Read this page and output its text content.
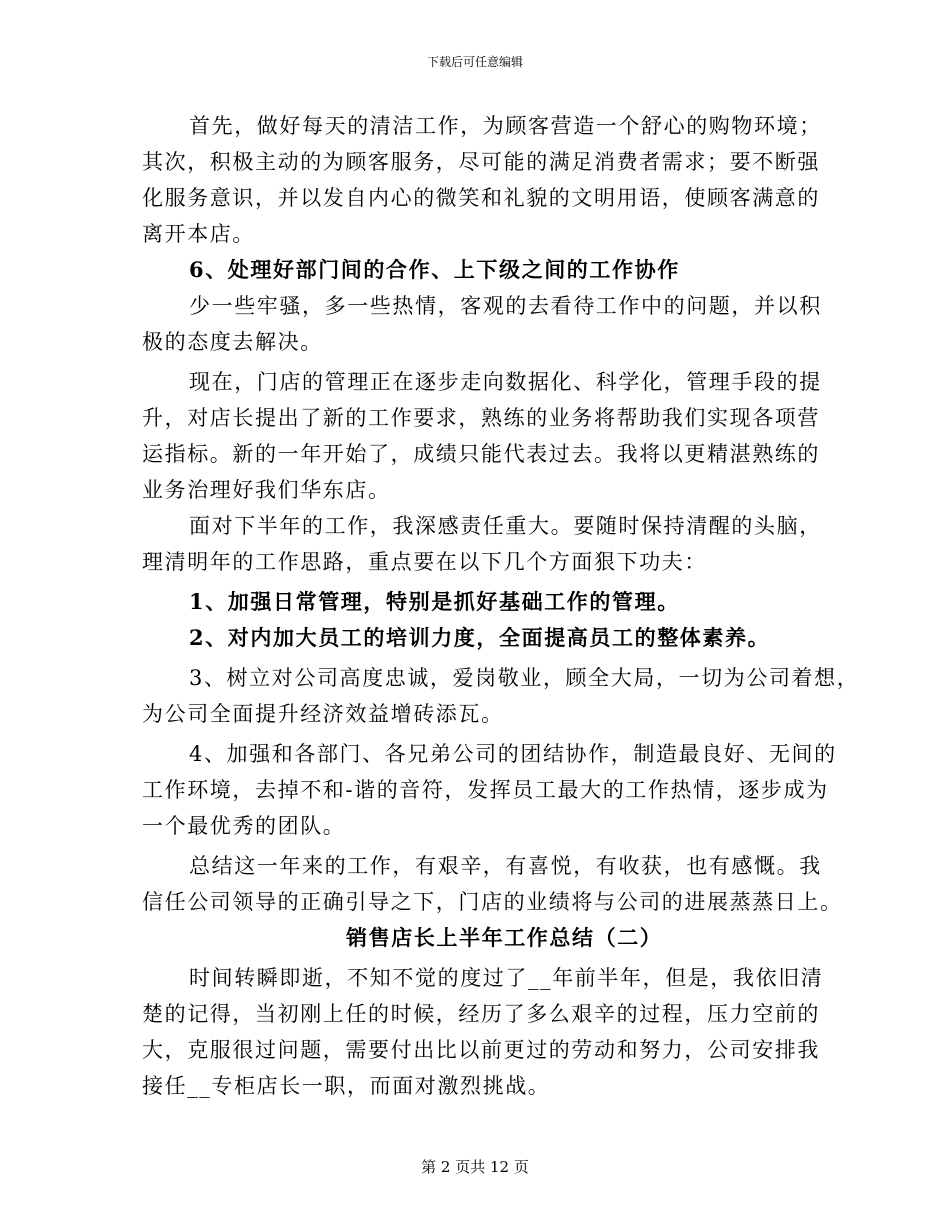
下载后可任意编辑
首先，做好每天的清洁工作，为顾客营造一个舒心的购物环境；
其次，积极主动的为顾客服务，尽可能的满足消费者需求；要不断强
化服务意识，并以发自内心的微笑和礼貌的文明用语，使顾客满意的
离开本店。
6、处理好部门间的合作、上下级之间的工作协作
少一些牢骚，多一些热情，客观的去看待工作中的问题，并以积
极的态度去解决。
现在，门店的管理正在逐步走向数据化、科学化，管理手段的提
升，对店长提出了新的工作要求，熟练的业务将帮助我们实现各项营
运指标。新的一年开始了，成绩只能代表过去。我将以更精湛熟练的
业务治理好我们华东店。
面对下半年的工作，我深感责任重大。要随时保持清醒的头脑，
理清明年的工作思路，重点要在以下几个方面狠下功夫：
1、加强日常管理，特别是抓好基础工作的管理。
2、对内加大员工的培训力度，全面提高员工的整体素养。
3、树立对公司高度忠诚，爱岗敬业，顾全大局，一切为公司着想，
为公司全面提升经济效益增砖添瓦。
4、加强和各部门、各兄弟公司的团结协作，制造最良好、无间的
工作环境，去掉不和-谐的音符，发挥员工最大的工作热情，逐步成为
一个最优秀的团队。
总结这一年来的工作，有艰辛，有喜悦，有收获，也有感慨。我
信任公司领导的正确引导之下，门店的业绩将与公司的进展蒸蒸日上。
销售店长上半年工作总结（二）
时间转瞬即逝，不知不觉的度过了__年前半年，但是，我依旧清
楚的记得，当初刚上任的时候，经历了多么艰辛的过程，压力空前的
大，克服很过问题，需要付出比以前更过的劳动和努力，公司安排我
接任__专柜店长一职，而面对激烈挑战。
第 2 页共 12 页
